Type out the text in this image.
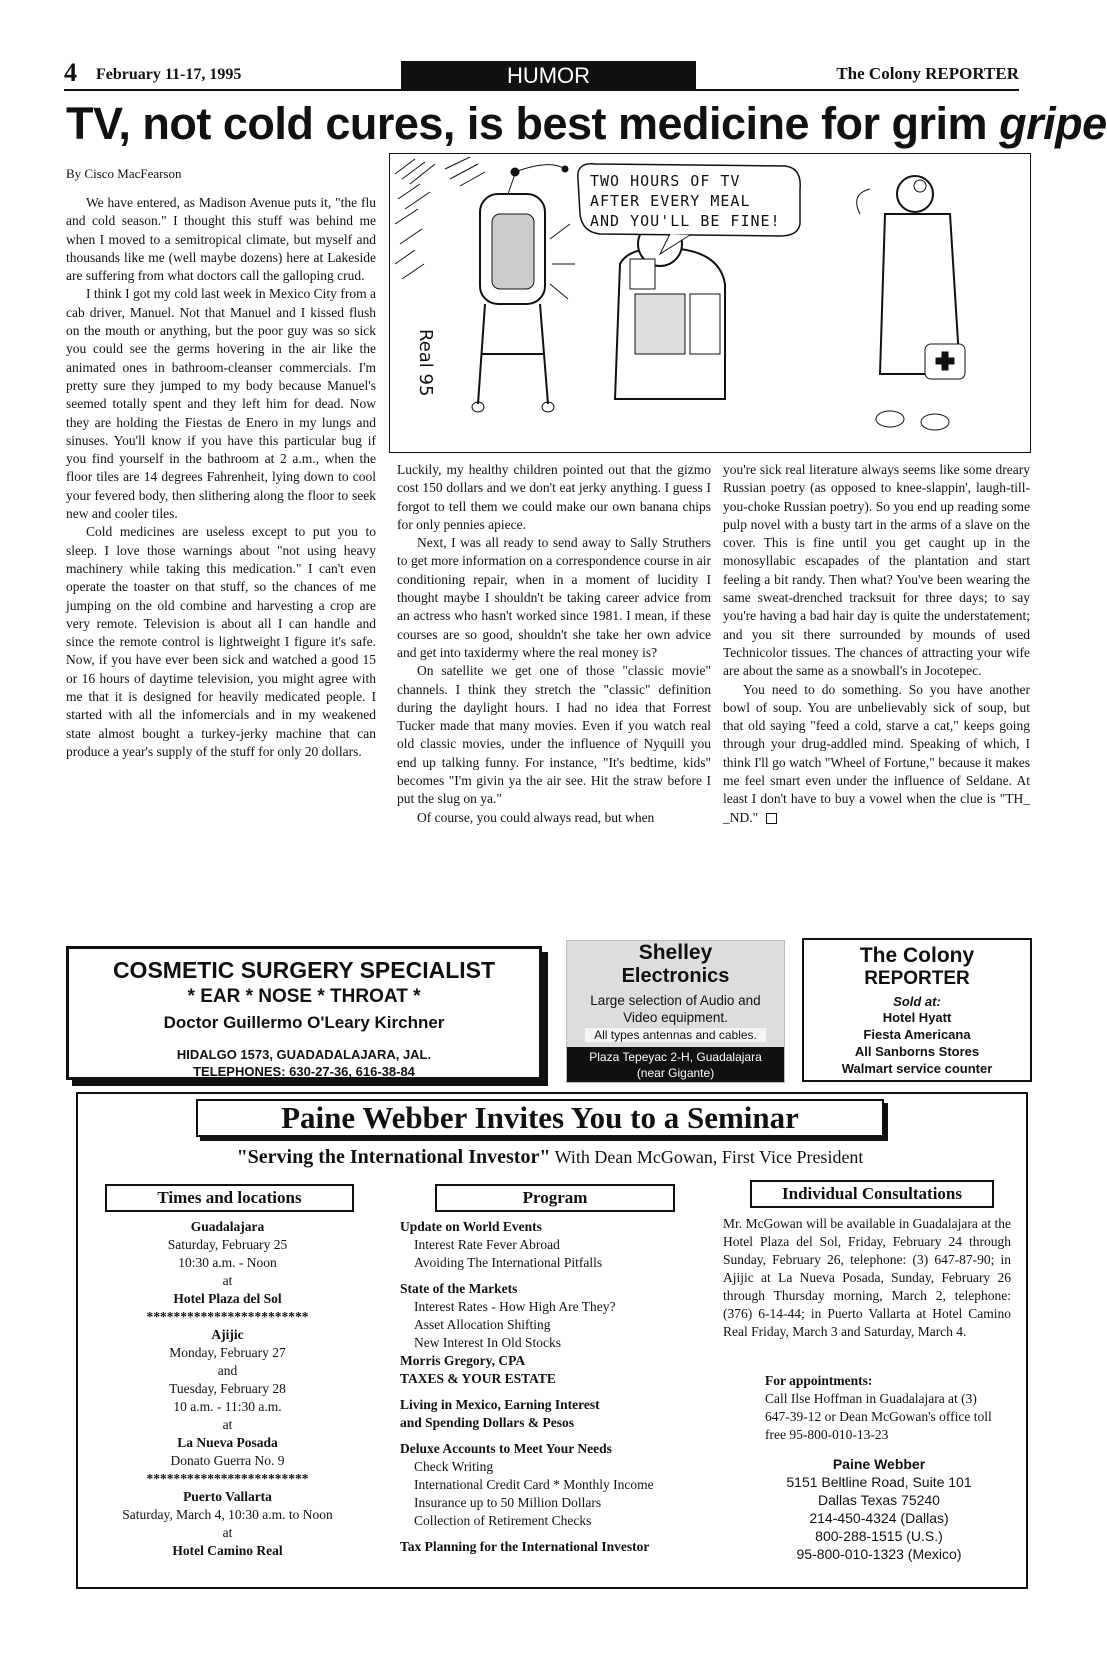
4 February 11-17, 1995	HUMOR	The Colony REPORTER
TV, not cold cures, is best medicine for grim gripe
By Cisco MacFearson

We have entered, as Madison Avenue puts it, "the flu and cold season." I thought this stuff was behind me when I moved to a semitropical climate, but myself and thousands like me (well maybe dozens) here at Lakeside are suffering from what doctors call the galloping crud.

I think I got my cold last week in Mexico City from a cab driver, Manuel. Not that Manuel and I kissed flush on the mouth or anything, but the poor guy was so sick you could see the germs hovering in the air like the animated ones in bathroom-cleanser commercials. I'm pretty sure they jumped to my body because Manuel's seemed totally spent and they left him for dead. Now they are holding the Fiestas de Enero in my lungs and sinuses. You'll know if you have this particular bug if you find yourself in the bathroom at 2 a.m., when the floor tiles are 14 degrees Fahrenheit, lying down to cool your fevered body, then slithering along the floor to seek new and cooler tiles.

Cold medicines are useless except to put you to sleep. I love those warnings about "not using heavy machinery while taking this medication." I can't even operate the toaster on that stuff, so the chances of me jumping on the old combine and harvesting a crop are very remote. Television is about all I can handle and since the remote control is lightweight I figure it's safe. Now, if you have ever been sick and watched a good 15 or 16 hours of daytime television, you might agree with me that it is designed for heavily medicated people. I started with all the infomercials and in my weakened state almost bought a turkey-jerky machine that can produce a year's supply of the stuff for only 20 dollars.

Luckily, my healthy children pointed out that the gizmo cost 150 dollars and we don't eat jerky anything. I guess I forgot to tell them we could make our own banana chips for only pennies apiece.

Next, I was all ready to send away to Sally Struthers to get more information on a correspondence course in air conditioning repair, when in a moment of lucidity I thought maybe I shouldn't be taking career advice from an actress who hasn't worked since 1981. I mean, if these courses are so good, shouldn't she take her own advice and get into taxidermy where the real money is?

On satellite we get one of those "classic movie" channels. I think they stretch the "classic" definition during the daylight hours. I had no idea that Forrest Tucker made that many movies. Even if you watch real old classic movies, under the influence of Nyquill you end up talking funny. For instance, "It's bedtime, kids" becomes "I'm givin ya the air see. Hit the straw before I put the slug on ya."

Of course, you could always read, but when

you're sick real literature always seems like some dreary Russian poetry (as opposed to knee-slappin', laugh-till-you-choke Russian poetry). So you end up reading some pulp novel with a busty tart in the arms of a slave on the cover. This is fine until you get caught up in the monosyllabic escapades of the plantation and start feeling a bit randy. Then what? You've been wearing the same sweat-drenched tracksuit for three days; to say you're having a bad hair day is quite the understatement; and you sit there surrounded by mounds of used Technicolor tissues. The chances of attracting your wife are about the same as a snowball's in Jocotepec.

You need to do something. So you have another bowl of soup. You are unbelievably sick of soup, but that old saying "feed a cold, starve a cat," keeps going through your drug-addled mind. Speaking of which, I think I'll go watch "Wheel of Fortune," because it makes me feel smart even under the influence of Seldane. At least I don't have to buy a vowel when the clue is "TH_ _ND."

TWO HOURS OF TV
AFTER EVERY MEAL
AND YOU'LL BE FINE!
Real 95
COSMETIC SURGERY SPECIALIST
* EAR * NOSE * THROAT *
Doctor Guillermo O'Leary Kirchner
HIDALGO 1573, GUADADALAJARA, JAL.
TELEPHONES: 630-27-36, 616-38-84
Shelley
Electronics
Large selection of Audio and
Video equipment.
All types antennas and cables.
Plaza Tepeyac 2-H, Guadalajara
(near Gigante)
The Colony
REPORTER
Sold at:
Hotel Hyatt
Fiesta Americana
All Sanborns Stores
Walmart service counter
Paine Webber Invites You to a Seminar
"Serving the International Investor" With Dean McGowan, First Vice President
Times and locations	Program	Individual Consultations
Guadalajara
Saturday, February 25
10:30 a.m. - Noon
at
Hotel Plaza del Sol
************************
Ajijic
Monday, February 27
and
Tuesday, February 28
10 a.m. - 11:30 a.m.
at
La Nueva Posada
Donato Guerra No. 9
************************
Puerto Vallarta
Saturday, March 4, 10:30 a.m. to Noon
at
Hotel Camino Real
Update on World Events
Interest Rate Fever Abroad
Avoiding The International Pitfalls
State of the Markets
Interest Rates - How High Are They?
Asset Allocation Shifting
New Interest In Old Stocks
Morris Gregory, CPA
TAXES & YOUR ESTATE
Living in Mexico, Earning Interest
and Spending Dollars & Pesos
Deluxe Accounts to Meet Your Needs
Check Writing
International Credit Card * Monthly Income
Insurance up to 50 Million Dollars
Collection of Retirement Checks
Tax Planning for the International Investor
Mr. McGowan will be available in Guadalajara at the Hotel Plaza del Sol, Friday, February 24 through Sunday, February 26, telephone: (3) 647-87-90; in Ajijic at La Nueva Posada, Sunday, February 26 through Thursday morning, March 2, telephone: (376) 6-14-44; in Puerto Vallarta at Hotel Camino Real Friday, March 3 and Saturday, March 4.
For appointments:
Call Ilse Hoffman in Guadalajara at (3) 647-39-12 or Dean McGowan's office toll free 95-800-010-13-23
Paine Webber
5151 Beltline Road, Suite 101
Dallas Texas 75240
214-450-4324 (Dallas)
800-288-1515 (U.S.)
95-800-010-1323 (Mexico)
